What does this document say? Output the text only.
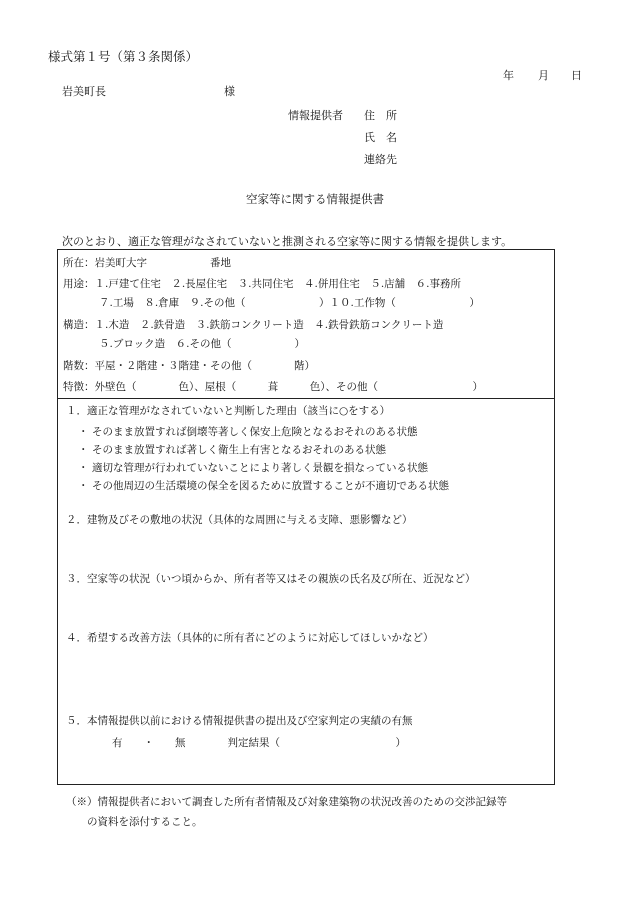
様式第１号（第３条関係）
年 月 日
岩美町長	様
情報提供者 住　所
氏　名
連絡先
空家等に関する情報提供書
次のとおり、適正な管理がなされていないと推測される空家等に関する情報を提供します。
所在：岩美町大字	番地
用途：１.戸建て住宅　２.長屋住宅　３.共同住宅　４.併用住宅　５.店舗　６.事務所
７.工場　８.倉庫　９.その他（　　　　　　　）１０.工作物（　　　　　　　）
構造：１.木造　２.鉄骨造　３.鉄筋コンクリート造　４.鉄骨鉄筋コンクリート造
５.ブロック造　６.その他（　　　　　　）
階数：平屋・２階建・３階建・その他（　　　　階）
特徴：外壁色（　　　　色）、屋根（　　　葺　　　色）、その他（　　　　　　　　　）
１．適正な管理がなされていないと判断した理由（該当に○をする）
・ そのまま放置すれば倒壊等著しく保安上危険となるおそれのある状態
・ そのまま放置すれば著しく衛生上有害となるおそれのある状態
・ 適切な管理が行われていないことにより著しく景観を損なっている状態
・ その他周辺の生活環境の保全を図るために放置することが不適切である状態
２．建物及びその敷地の状況（具体的な周囲に与える支障、悪影響など）
３．空家等の状況（いつ頃からか、所有者等又はその親族の氏名及び所在、近況など）
４．希望する改善方法（具体的に所有者にどのように対応してほしいかなど）
５．本情報提供以前における情報提供書の提出及び空家判定の実績の有無
有　　・　　無　　　　判定結果（　　　　　　　　　　　）
（※）情報提供者において調査した所有者情報及び対象建築物の状況改善のための交渉記録等
の資料を添付すること。
